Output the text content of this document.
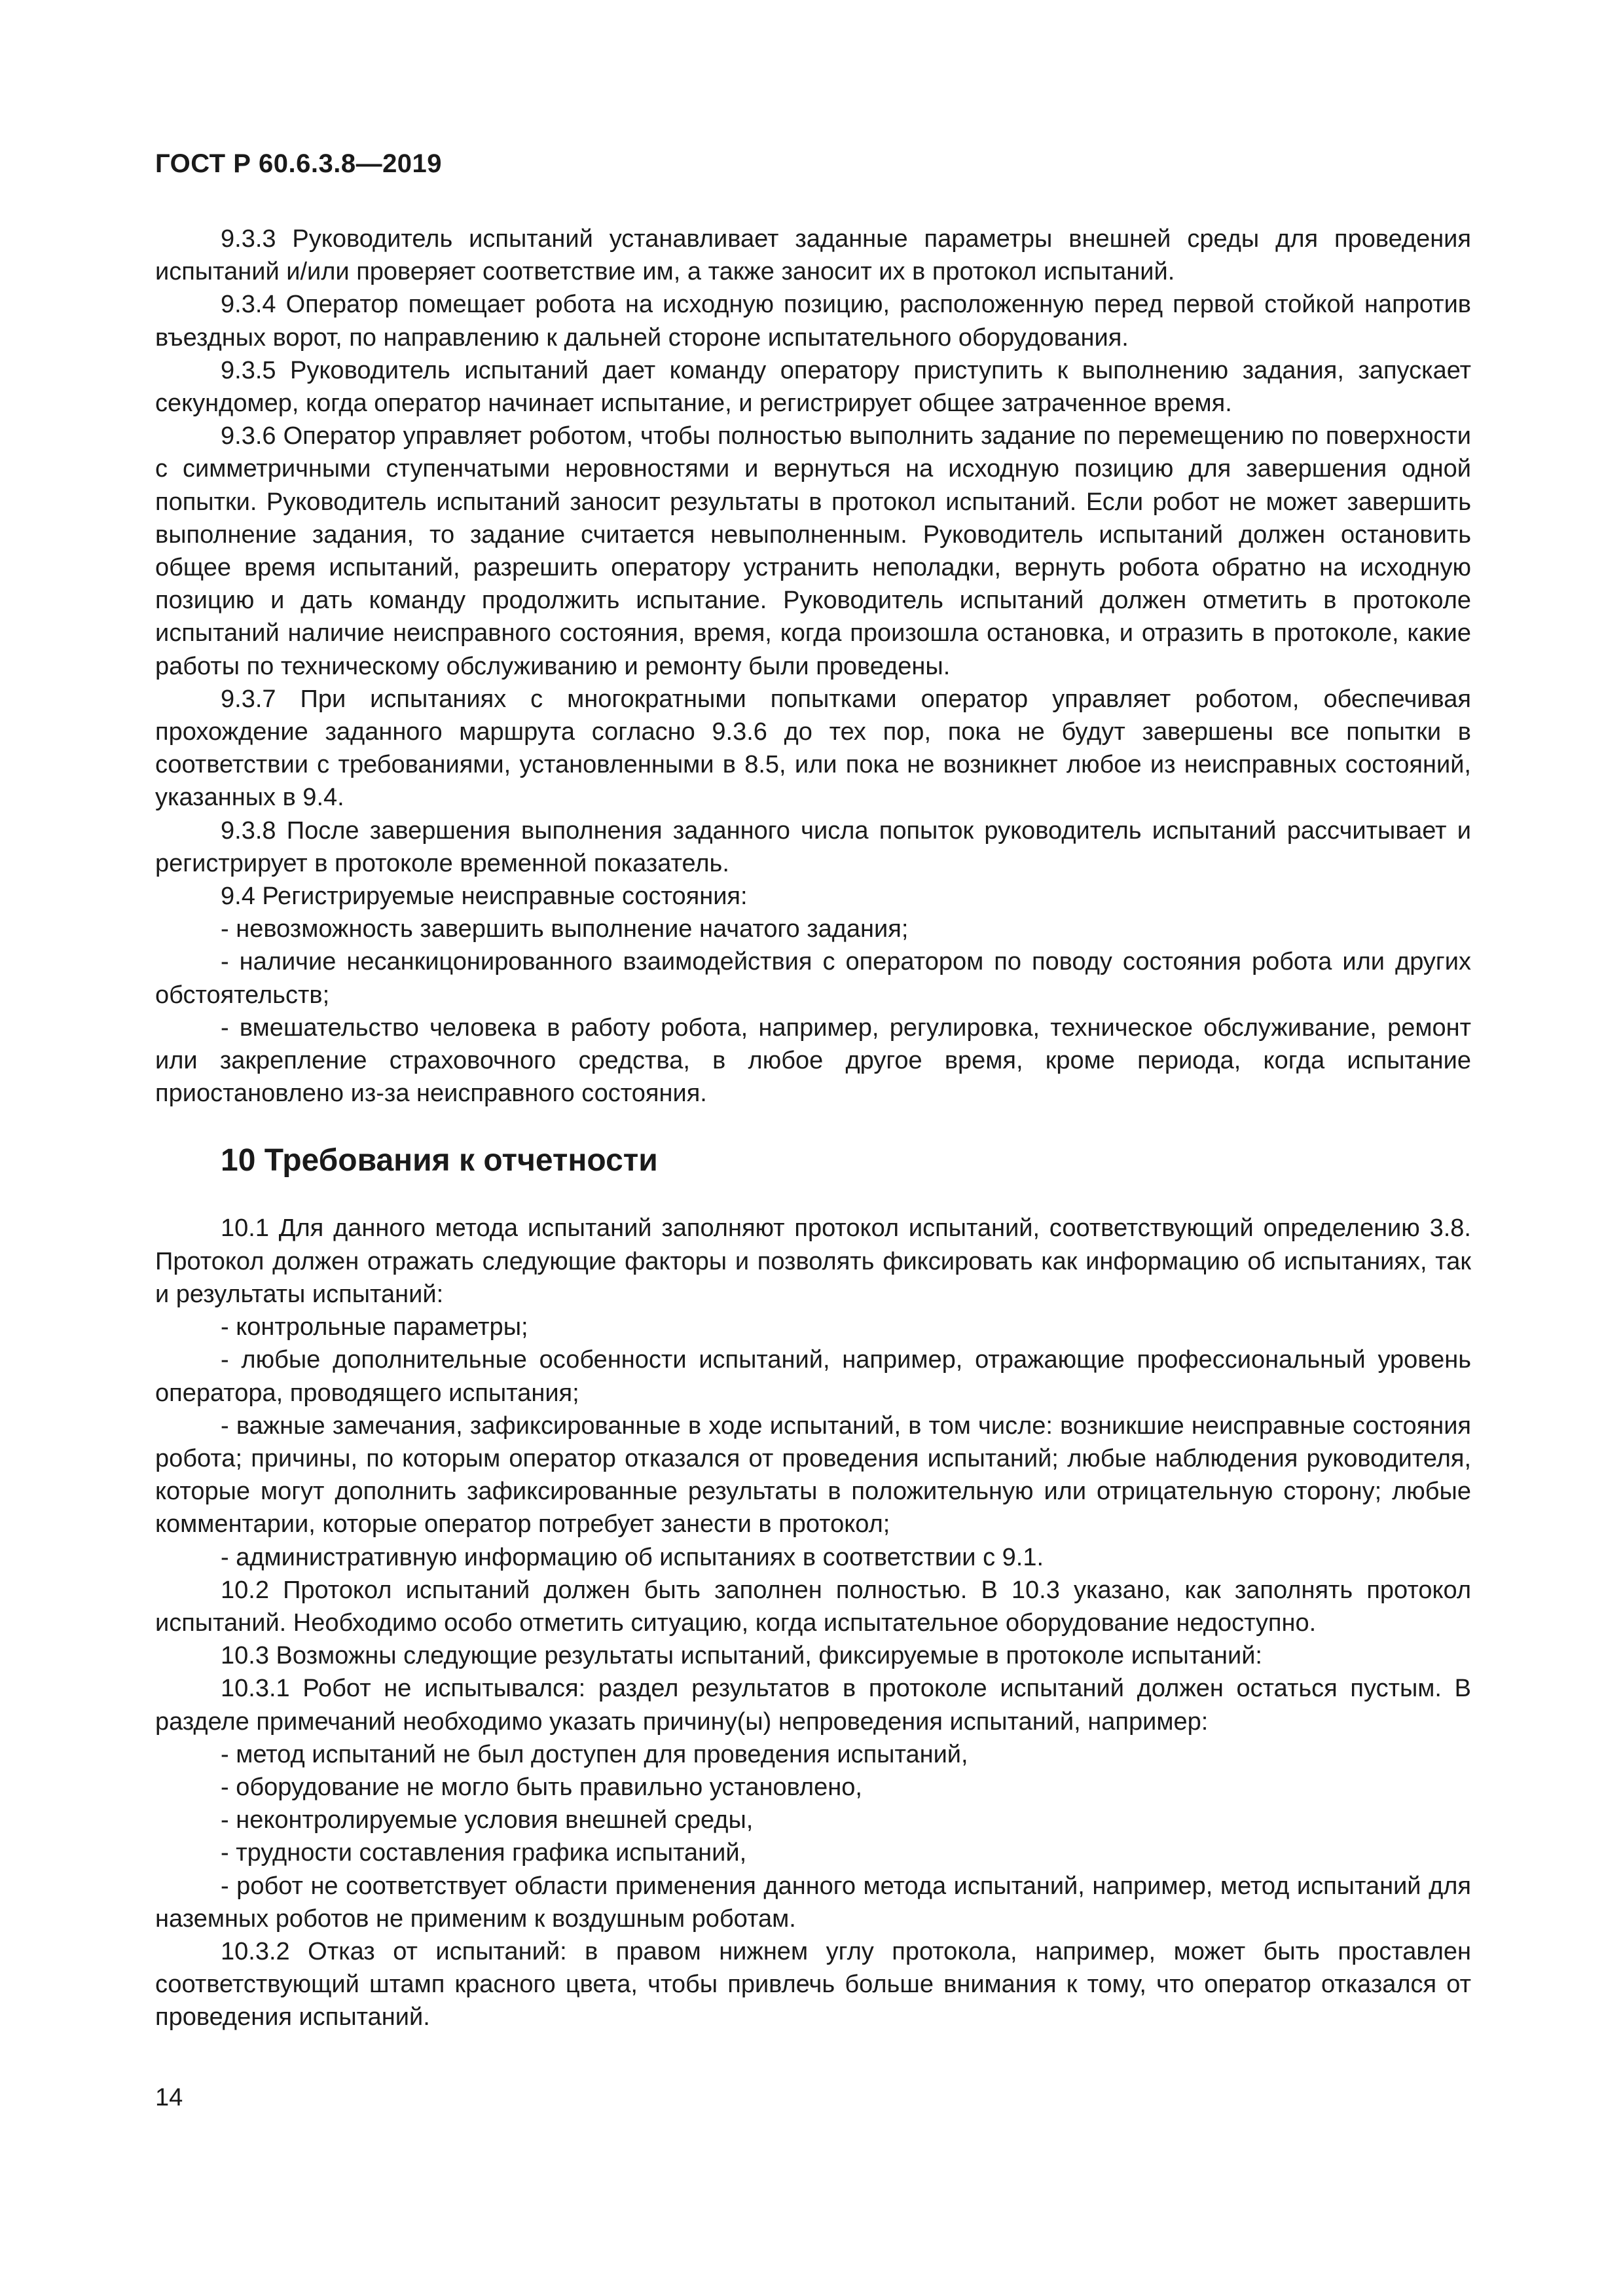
ГОСТ Р 60.6.3.8—2019

9.3.3 Руководитель испытаний устанавливает заданные параметры внешней среды для проведения испытаний и/или проверяет соответствие им, а также заносит их в протокол испытаний.

9.3.4 Оператор помещает робота на исходную позицию, расположенную перед первой стойкой напротив въездных ворот, по направлению к дальней стороне испытательного оборудования.

9.3.5 Руководитель испытаний дает команду оператору приступить к выполнению задания, запускает секундомер, когда оператор начинает испытание, и регистрирует общее затраченное время.

9.3.6 Оператор управляет роботом, чтобы полностью выполнить задание по перемещению по поверхности с симметричными ступенчатыми неровностями и вернуться на исходную позицию для завершения одной попытки. Руководитель испытаний заносит результаты в протокол испытаний. Если робот не может завершить выполнение задания, то задание считается невыполненным. Руководитель испытаний должен остановить общее время испытаний, разрешить оператору устранить неполадки, вернуть робота обратно на исходную позицию и дать команду продолжить испытание. Руководитель испытаний должен отметить в протоколе испытаний наличие неисправного состояния, время, когда произошла остановка, и отразить в протоколе, какие работы по техническому обслуживанию и ремонту были проведены.

9.3.7 При испытаниях с многократными попытками оператор управляет роботом, обеспечивая прохождение заданного маршрута согласно 9.3.6 до тех пор, пока не будут завершены все попытки в соответствии с требованиями, установленными в 8.5, или пока не возникнет любое из неисправных состояний, указанных в 9.4.

9.3.8 После завершения выполнения заданного числа попыток руководитель испытаний рассчитывает и регистрирует в протоколе временной показатель.

9.4 Регистрируемые неисправные состояния:

- невозможность завершить выполнение начатого задания;

- наличие несанкицонированного взаимодействия с оператором по поводу состояния робота или других обстоятельств;

- вмешательство человека в работу робота, например, регулировка, техническое обслуживание, ремонт или закрепление страховочного средства, в любое другое время, кроме периода, когда испытание приостановлено из-за неисправного состояния.

10 Требования к отчетности

10.1 Для данного метода испытаний заполняют протокол испытаний, соответствующий определению 3.8. Протокол должен отражать следующие факторы и позволять фиксировать как информацию об испытаниях, так и результаты испытаний:

- контрольные параметры;

- любые дополнительные особенности испытаний, например, отражающие профессиональный уровень оператора, проводящего испытания;

- важные замечания, зафиксированные в ходе испытаний, в том числе: возникшие неисправные состояния робота; причины, по которым оператор отказался от проведения испытаний; любые наблюдения руководителя, которые могут дополнить зафиксированные результаты в положительную или отрицательную сторону; любые комментарии, которые оператор потребует занести в протокол;

- административную информацию об испытаниях в соответствии с 9.1.

10.2 Протокол испытаний должен быть заполнен полностью. В 10.3 указано, как заполнять протокол испытаний. Необходимо особо отметить ситуацию, когда испытательное оборудование недоступно.

10.3 Возможны следующие результаты испытаний, фиксируемые в протоколе испытаний:

10.3.1 Робот не испытывался: раздел результатов в протоколе испытаний должен остаться пустым. В разделе примечаний необходимо указать причину(ы) непроведения испытаний, например:

- метод испытаний не был доступен для проведения испытаний,

- оборудование не могло быть правильно установлено,

- неконтролируемые условия внешней среды,

- трудности составления графика испытаний,

- робот не соответствует области применения данного метода испытаний, например, метод испытаний для наземных роботов не применим к воздушным роботам.

10.3.2 Отказ от испытаний: в правом нижнем углу протокола, например, может быть проставлен соответствующий штамп красного цвета, чтобы привлечь больше внимания к тому, что оператор отказался от проведения испытаний.

14
